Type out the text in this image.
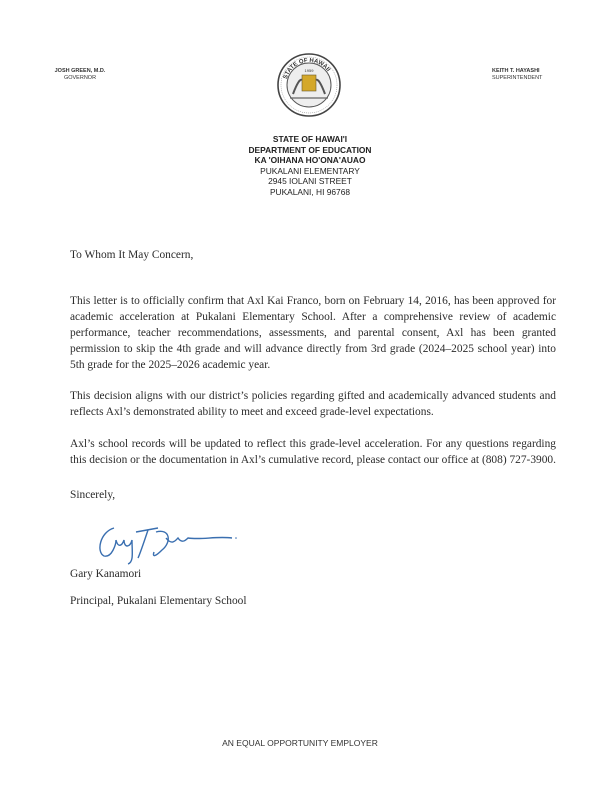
JOSH GREEN, M.D.
GOVERNOR	STATE OF HAWAII
1959	KEITH T. HAYASHI
SUPERINTENDENT
STATE OF HAWAI'I
DEPARTMENT OF EDUCATION
KA 'OIHANA HO'ONA'AUAO
PUKALANI ELEMENTARY
2945 IOLANI STREET
PUKALANI, HI 96768

To Whom It May Concern,

This letter is to officially confirm that Axl Kai Franco, born on February 14, 2016, has been approved for academic acceleration at Pukalani Elementary School. After a comprehensive review of academic performance, teacher recommendations, assessments, and parental consent, Axl has been granted permission to skip the 4th grade and will advance directly from 3rd grade (2024–2025 school year) into 5th grade for the 2025–2026 academic year.

This decision aligns with our district’s policies regarding gifted and academically advanced students and reflects Axl’s demonstrated ability to meet and exceed grade-level expectations.

Axl’s school records will be updated to reflect this grade-level acceleration. For any questions regarding this decision or the documentation in Axl’s cumulative record, please contact our office at (808) 727-3900.

Sincerely,

Gary Kanamori

Principal, Pukalani Elementary School

AN EQUAL OPPORTUNITY EMPLOYER
